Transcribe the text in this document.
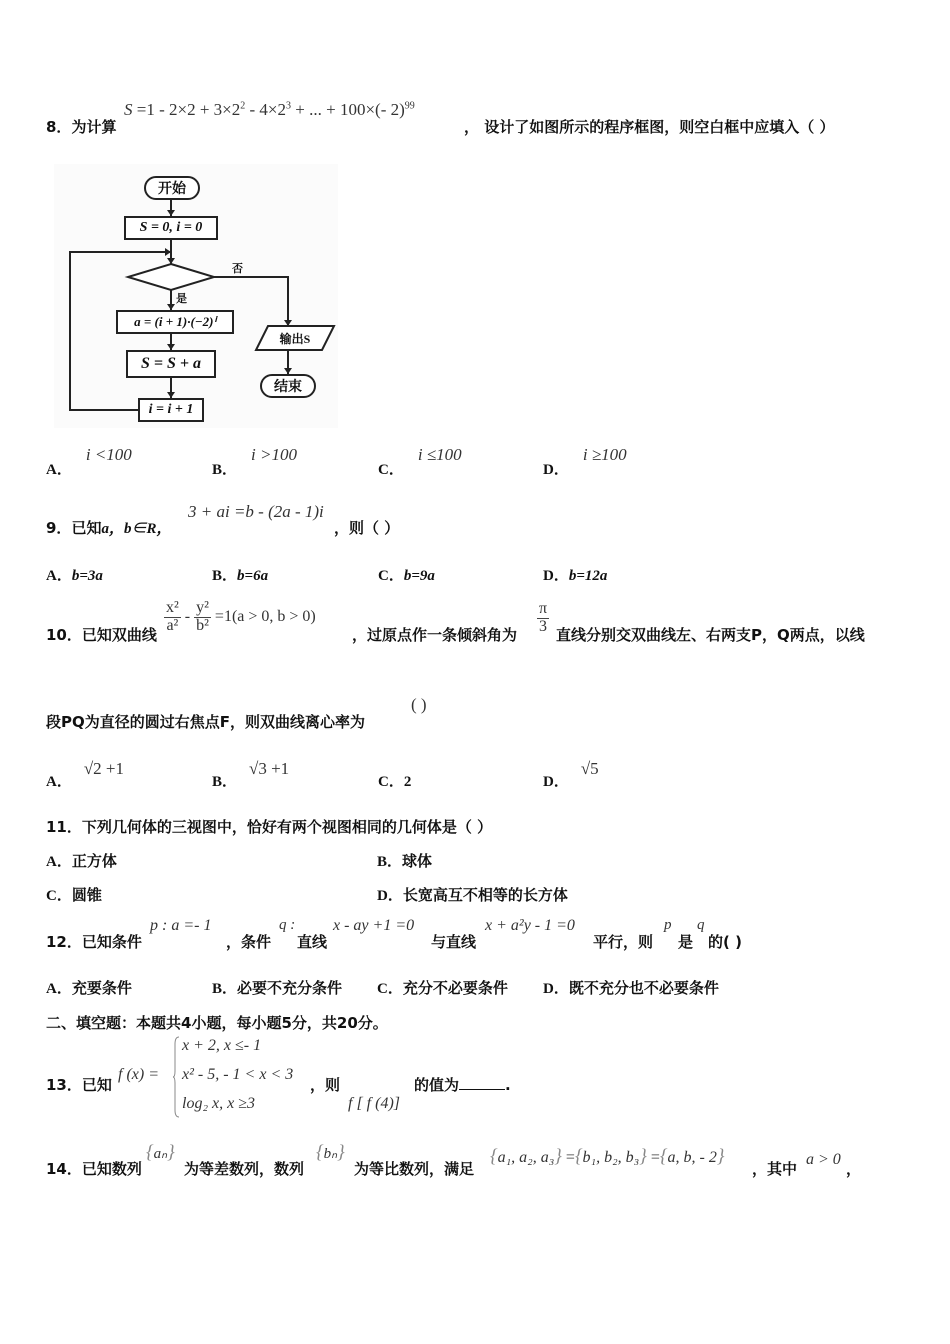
8．为计算
$S =1 - 2\times 2 + 3\times 2^2 - 4\times 2^3$ + ... + 100×(- 2)$^{99}$
， 设计了如图所示的程序框图，则空白框中应填入（ ）
开始
S = 0, i = 0
否
是
a = (i + 1)·(−2)ⁱ
S = S + a
i = i + 1
输出S
结束
A．i <100
B．i >100
C．i ≤100
D．i ≥100
9．已知a，b∈R，
3 + ai =b - (2a - 1)i
，则（ ）
A．b=3a	B．b=6a	C．b=9a	D．b=12a
10．已知双曲线
$\frac{\text{x²}}{\text{a²}} - \frac{\text{y²}}{\text{b²}} =1(a > 0$, b > 0)
，过原点作一条倾斜角为 $\frac{\pi}{3}$ 直线分别交双曲线左、右两支P，Q两点，以线
段PQ为直径的圆过右焦点F，则双曲线离心率为
( )
A．√2 +1
B．√3 +1
C．2	D．√5
11．下列几何体的三视图中，恰好有两个视图相同的几何体是（ ）
A．正方体	B．球体
C．圆锥	D．长宽高互不相等的长方体
12．已知条件
p : a =- 1
，条件
q :
直线
x - ay +1 =0
与直线
x + a²y - 1 =0
平行，则
p
是
q
的( )
A．充要条件	B．必要不充分条件 C．充分不必要条件 D．既不充分也不必要条件
二、填空题：本题共4小题，每小题5分，共20分。
13．已知
f (x) =
x + 2, x ≤- 1
x² - 5, - 1 < x < 3
log₂ x, x ≥3
，则
f [ f (4)]
的值为	.
14．已知数列
{aₙ}
为等差数列，数列
{bₙ}
为等比数列，满足
{a₁, a₂, a₃} ={b₁, b₂, b₃} ={a, b, - 2}
，其中
a > 0
，
